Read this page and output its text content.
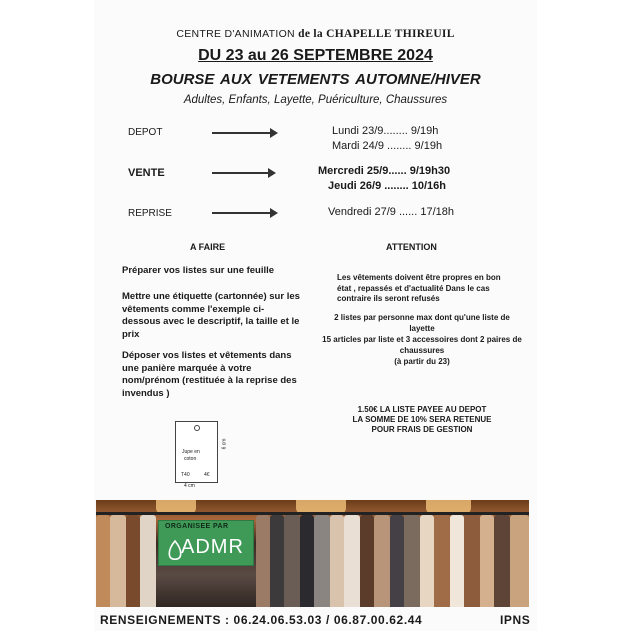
CENTRE D'ANIMATION de la CHAPELLE THIREUIL
DU 23 au 26 SEPTEMBRE 2024
BOURSE AUX VETEMENTS AUTOMNE/HIVER
Adultes, Enfants, Layette, Puériculture, Chaussures
DEPOT	Lundi 23/9........ 9/19h
Mardi 24/9 ........ 9/19h
VENTE	Mercredi 25/9...... 9/19h30
Jeudi 26/9 ........ 10/16h
REPRISE	Vendredi 27/9 ...... 17/18h
A FAIRE
Préparer vos listes sur une feuille
Mettre une étiquette (cartonnée) sur les vêtements comme l'exemple ci-dessous avec le descriptif, la taille et le prix
Déposer vos listes et vêtements dans une panière marquée à votre nom/prénom (restituée à la reprise des invendus )
ATTENTION
Les vêtements doivent être propres en bon état , repassés et d'actualité Dans le cas contraire ils seront refusés
2 listes par personne max dont qu'une liste de layette
15 articles par liste et 3 accessoires dont 2 paires de chaussures
(à partir du 23)
1.50€ LA LISTE PAYEE AU DEPOT
LA SOMME DE 10% SERA RETENUE
POUR FRAIS DE GESTION
Jupe en
coton
T40	4€
6 cm
4 cm
ORGANISEE PAR
ADMR
RENSEIGNEMENTS : 06.24.06.53.03 / 06.87.00.62.44	IPNS
